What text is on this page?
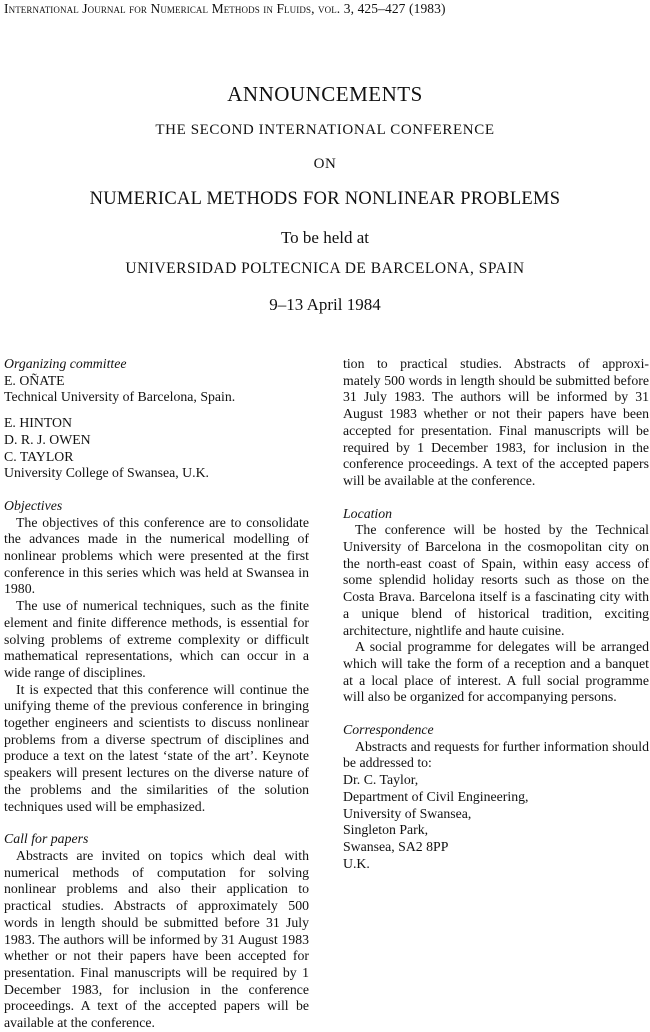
International Journal for Numerical Methods in Fluids, vol. 3, 425–427 (1983)
ANNOUNCEMENTS
THE SECOND INTERNATIONAL CONFERENCE
ON
NUMERICAL METHODS FOR NONLINEAR PROBLEMS
To be held at
UNIVERSIDAD POLTECNICA DE BARCELONA, SPAIN
9–13 April 1984

Organizing committee

E. OÑATE

Technical University of Barcelona, Spain.

E. HINTON

D. R. J. OWEN

C. TAYLOR

University College of Swansea, U.K.

Objectives

The objectives of this conference are to consolidate the advances made in the numerical modelling of nonlinear problems which were presented at the first conference in this series which was held at Swansea in 1980.

The use of numerical techniques, such as the finite element and finite difference methods, is essential for solving problems of extreme complexity or difficult mathematical representations, which can occur in a wide range of disciplines.

It is expected that this conference will continue the unifying theme of the previous conference in bringing together engineers and scientists to discuss nonlinear problems from a diverse spectrum of disciplines and produce a text on the latest ‘state of the art’. Keynote speakers will present lectures on the diverse nature of the problems and the similarities of the solution techniques used will be emphasized.

Call for papers

Abstracts are invited on topics which deal with numerical methods of computation for solving nonlinear problems and also their application to practical studies. Abstracts of approximately 500 words in length should be submitted before 31 July 1983. The authors will be informed by 31 August 1983 whether or not their papers have been accepted for presentation. Final manuscripts will be required by 1 December 1983, for inclusion in the conference proceedings. A text of the accepted papers will be available at the conference.

tion to practical studies. Abstracts of approxi-

mately 500 words in length should be submitted before 31 July 1983. The authors will be informed by 31 August 1983 whether or not their papers have been accepted for presentation. Final manuscripts will be required by 1 December 1983, for inclusion in the conference proceedings. A text of the accepted papers will be available at the conference.

Location

The conference will be hosted by the Technical University of Barcelona in the cosmopolitan city on the north-east coast of Spain, within easy access of some splendid holiday resorts such as those on the Costa Brava. Barcelona itself is a fascinating city with a unique blend of historical tradition, exciting architecture, nightlife and haute cuisine.

A social programme for delegates will be arranged which will take the form of a reception and a banquet at a local place of interest. A full social programme will also be organized for accompanying persons.

Correspondence

Abstracts and requests for further information should be addressed to:

Dr. C. Taylor,

Department of Civil Engineering,

University of Swansea,

Singleton Park,

Swansea, SA2 8PP

U.K.
